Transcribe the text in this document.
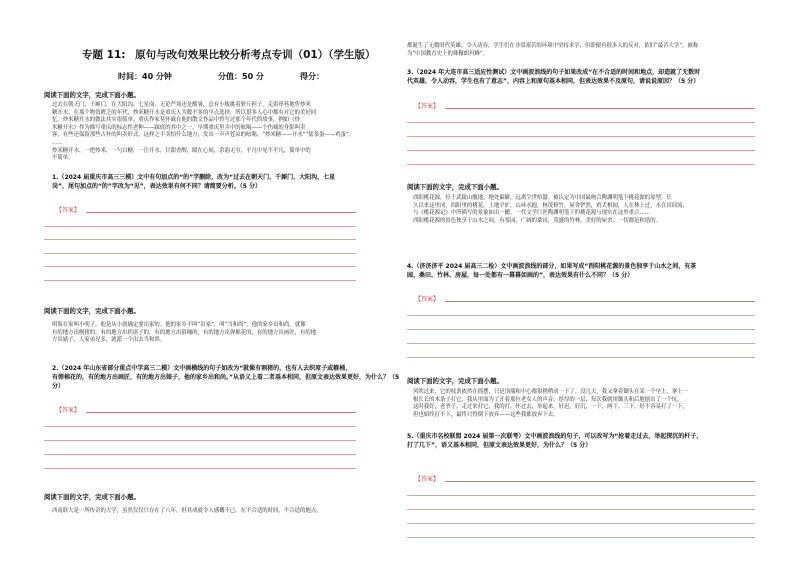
专题 11: 原句与改句效果比较分析考点专训（01）（学生版）
时间：40 分钟	分值：50 分	得分：
阅读下面的文字，完成下面小题。
过去在朝天门、千厮门，在大阳沟、七星岗，无论严寒还是酷暑，总有小贩挑着箩斤担子，走街串巷地售炒米
糖开水。在那个物资匮乏的年代，炒米糖开水是重庆人为数不多的早点选择，所以很多人心中都有对它的美好回
忆。炒米糖开水的做法其实很简单。重庆作家莫怀戚在他的散文作品中曾写过那个年代的故事，例如《炒
米糖开水》作为描写重庆的标志性老种——踩底的其中之一。早期重庆里弄中的吆喝——个伤痛的身影叫卖
客，有些还保留那些古朴的叫卖形式。这样之不卖怕什么地方，发出一声声苍凉的吆喝，“炒米糖——开水”“盐茶蛋——鸡蛋”。
……
炒米糖开水，一把炒米，一勺白糖，一注开水，甘甜香醇，暖在心间，余韵无穷，平凡中见不平凡，简单中的
不简单。
1.（2024 届重庆市高三三模）文中有句加点的“的”字删除，改为“过去在朝天门、千厮门、大阳沟、七星
岗”，尾句加点的“的”字改为“见”，表达效果有何不同？请简要分析。（5 分）
【答案】
阅读下面的文字，完成下面小题。
明海在家叫小明子。他是从小就确定要出家的。他的家乡不叫“出家”，叫“当和尚”。他的家乡出和尚。就像
有的地方出劁猪的，有的地方出织席子的，有的地方出箍桶的，有的地方出弹棉花的，有的地方出画匠，有的地
方出婊子，人家弟兄多，就派一个出去当和尚。
2.（2024 年山东省部分重点中学高三二模）文中画横线的句子如改为“就像有割猪的，也有人去织席子或箍桶，
有弹棉花的，有的地方出画匠，有的地方出婊子，他的家乡出和尚。”从语义上看二者基本相同，但原文表达效果更好，为什么？（5
分）
【答案】
阅读下面的文字，完成下面小题。
西南联大是一所传奇的大学，虽然仅仅只存在了八年，但其成就令人感慨不已。在不合适的时间，不合适的地点，
都诞生了无数时代英雄，令人动容。学生们在非常艰苦的环境中坚持求学，但即便有很多人的反对，依旧“最苦大学”，被称
为“中国教育史上的珠穆朗玛峰”。
3.（2024 年大连市高三适应性测试）文中画波浪线的句子如果改成“在不合适的时间和地点，却造就了无数时
代英雄，令人动容，学生也有了意志”，内容上和原句基本相同，但表达效果不及原句，请说说原因？（5 分）
【答案】
阅读下面的文字，完成下面小题。
酉阳桃花源，位于武陵山腹地，地处偏僻，远离尘世喧嚣。被认定为中国最吻合陶渊明笔下桃花源的原型。长
久以来这里闭，酉阳里的桃花，土地平旷，山环水抱，林茂修竹，屋舍俨然，鸡犬相闻，人在林上过，水在田间流，
与《桃花源记》中所描写的景象如出一辙，一代文学巨匠陶渊明笔下的桃花源与现实在这里重合……
西阳桃花源的景色独享于山水之间，有茶园，广阔的桑田，茂盛的竹林，美好的屋舍，一切都是和谐的。
4.（济济济平 2024 届高三二检）文中画波浪线的部分，如果写成“酉阳桃花源的景色独享于山水之间，有茶
园、桑田、竹林、房屋，每一处都有一幕幕如画的”，表达效果有什么不同？（5 分）
【答案】
阅读下面的文字，完成下面小题。
风吹过来，它的枝条依然在摇摆，只是顶端和中心都很稍稍动一下了。没几天，我又拿着锄头在某一个早上，拿上一
根长长的木条子打它，我从里面为了开着那位老女人的声音，厚厚的一层，每次我就用锄头和后地刨出了一个坑，
这时我好，老爷子，走过来打它，我的打，怀过去，举起来，好迟，好沉，一下，两下，三下，好不容易打了一下，
但也始终打不下，最终只得倒下放弃——这些我都放弃下去。
5.（重庆市名校联盟 2024 届第一次联考）文中画波浪线的句子，可以改写为“抢着走过去，举起探沉的杆子，
打了几下”，语义基本相同，但原文表达效果更好，为什么？（5 分）
【答案】
